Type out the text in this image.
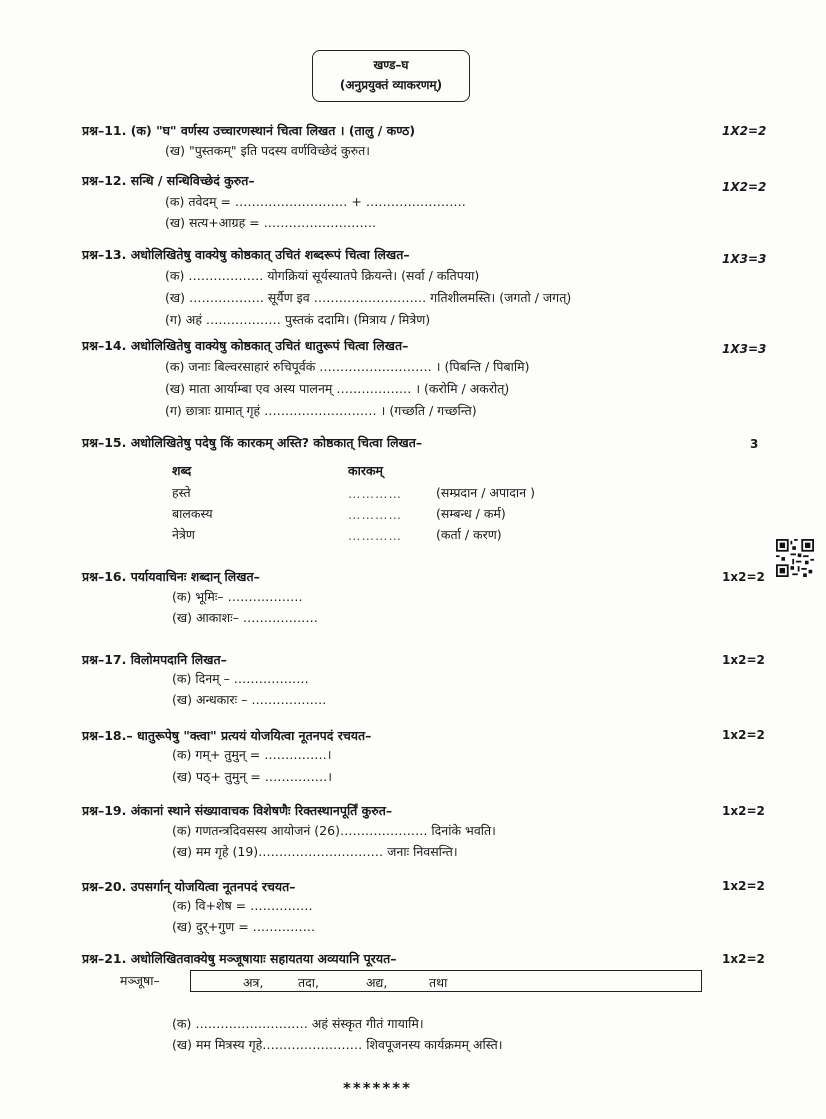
खण्ड–घ
(अनुप्रयुक्तं व्याकरणम्)
प्रश्न–11. (क) "घ" वर्णस्य उच्चारणस्थानं चित्वा लिखत । (तालु / कण्ठ)	1X2=2
(ख) "पुस्तकम्" इति पदस्य वर्णविच्छेदं कुरुत।
प्रश्न–12. सन्धि / सन्धिविच्छेदं कुरुत–	1X2=2
(क) तवेदम् = ……………………… + ……………………
(ख) सत्य+आग्रह = ………………………
प्रश्न–13. अधोलिखितेषु वाक्येषु कोष्ठकात् उचितं शब्दरूपं चित्वा लिखत–	1X3=3
(क) ……………… योगक्रियां सूर्यस्यातपे क्रियन्ते। (सर्वा / कतिपया)
(ख) ……………… सूर्यैण इव ……………………… गतिशीलमस्ति। (जगतो / जगत्)
(ग) अहं ……………… पुस्तकं ददामि। (मित्राय / मित्रेण)
प्रश्न–14. अधोलिखितेषु वाक्येषु कोष्ठकात् उचितं धातुरूपं चित्वा लिखत–	1X3=3
(क) जनाः बिल्वरसाहारं रुचिपूर्वकं ……………………… । (पिबन्ति / पिबामि)
(ख) माता आर्याम्बा एव अस्य पालनम् ……………… । (करोमि / अकरोत्)
(ग) छात्राः ग्रामात् गृहं ……………………… । (गच्छति / गच्छन्ति)
प्रश्न–15. अधोलिखितेषु पदेषु किं कारकम् अस्ति? कोष्ठकात् चित्वा लिखत–	3
शब्द	कारकम्
हस्ते	…………	(सम्प्रदान / अपादान )
बालकस्य	…………	(सम्बन्ध / कर्म)
नेत्रेण	…………	(कर्ता / करण)
प्रश्न–16. पर्यायवाचिनः शब्दान् लिखत–	1x2=2
(क) भूमिः– ………………
(ख) आकाशः– ………………
प्रश्न–17. विलोमपदानि लिखत–	1x2=2
(क) दिनम् – ………………
(ख) अन्धकारः – ………………
प्रश्न–18.– धातुरूपेषु "क्त्वा" प्रत्ययं योजयित्वा नूतनपदं रचयत–	1x2=2
(क) गम्+ तुमुन् = ……………।
(ख) पठ्+ तुमुन् = ……………।
प्रश्न–19. अंकानां स्थाने संख्यावाचक विशेषणैः रिक्तस्थानपूर्तिं कुरुत–	1x2=2
(क) गणतन्त्रदिवसस्य आयोजनं (26)………………… दिनांके भवति।
(ख) मम गृहे (19)………………………… जनाः निवसन्ति।
प्रश्न–20. उपसर्गान् योजयित्वा नूतनपदं रचयत–	1x2=2
(क) वि+शेष = ……………
(ख) दुर्+गुण = ……………
प्रश्न–21. अधोलिखितवाक्येषु मञ्जूषायाः सहायतया अव्ययानि पूरयत–	1x2=2
मञ्जूषा–	अत्र,	तदा,	अद्य,	तथा
(क) ……………………… अहं संस्कृत गीतं गायामि।
(ख) मम मित्रस्य गृहे…………………… शिवपूजनस्य कार्यक्रमम् अस्ति।
*******
